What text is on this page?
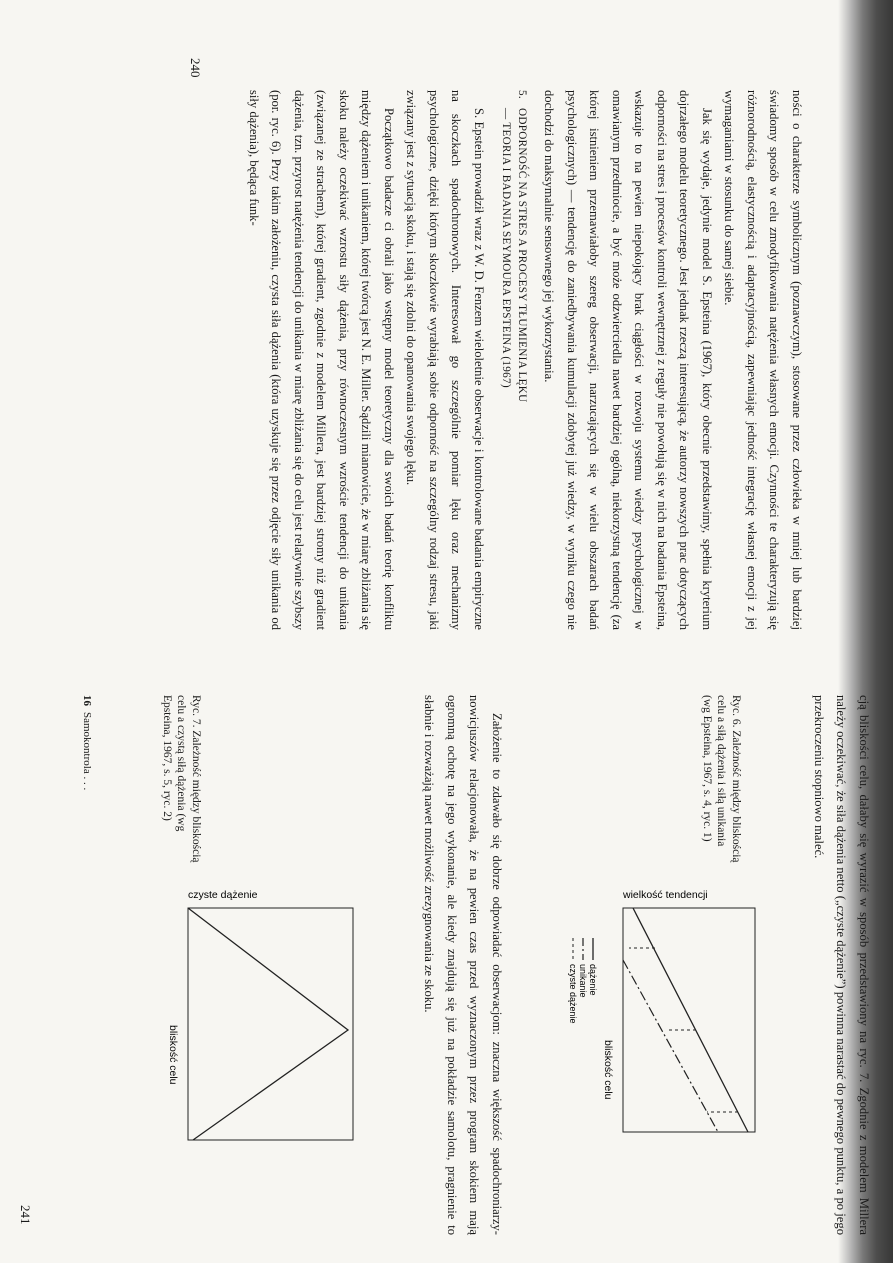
ności o charakterze symbolicznym (poznawczym), stosowane przez człowieka w mniej lub bardziej świadomy sposób w celu zmodyfikowania natężenia własnych emocji. Czynności te charakteryzują się różnorodnością, elastycznością i adaptacyjnością, zapewniając jedność integrację własnej emocji z jej wymaganiami w stosunku do samej siebie.

Jak się wydaje, jedynie model S. Epsteina (1967), który obecnie przedstawimy, spełnia kryterium dojrzałego modelu teoretycznego. Jest jednak rzeczą interesującą, że autorzy nowszych prac dotyczących odporności na stres i procesów kontroli wewnętrznej z reguły nie powołują się w nich na badania Epsteina, wskazuje to na pewien niepokojący brak ciągłości w rozwoju systemu wiedzy psychologicznej w omawianym przedmiocie, a być może odzwierciedla nawet bardziej ogólną, niekorzystną tendencję (za której istnieniem przemawiałoby szereg obserwacji, narzucających się w wielu obszarach badań psychologicznych) — tendencję do zaniedbywania kumulacji zdobytej już wiedzy, w wyniku czego nie dochodzi do maksymalnie sensownego jej wykorzystania.

5.ODPORNOŚĆ NA STRES A PROCESY TŁUMIENIA LĘKU
— TEORIA I BADANIA SEYMOURA EPSTEINA (1967)

S. Epstein prowadził wraz z W. D. Fenzem wieloletnie obserwacje i kontrolowane badania empiryczne na skoczkach spadochronowych. Interesował go szczególnie pomiar lęku oraz mechanizmy psychologiczne, dzięki którym skoczkowie wyrabiają sobie odporność na szczególny rodzaj stresu, jaki związany jest z sytuacją skoku, i stają się zdolni do opanowania swojego lęku.

Początkowo badacze ci obrali jako wstępny model teoretyczny dla swoich badań teorię konfliktu między dążeniem i unikaniem, której twórcą jest N. E. Miller. Sądzili mianowicie, że w miarę zbliżania się skoku należy oczekiwać wzrostu siły dążenia, przy równoczesnym wzroście tendencji do unikania (związanej ze strachem), której gradient, zgodnie z modelem Millera, jest bardziej stromy niż gradient dążenia, tzn. przyrost natężenia tendencji do unikania w miarę zbliżania się do celu jest relatywnie szybszy (por. ryc. 6). Przy takim założeniu, czysta siła dążenia (która uzyskuje się przez odjęcie siły unikania od siły dążenia), będąca funk-

240

cją bliskości celu, dałaby się wyrazić w sposób przedstawiony na ryc. 7. Zgodnie z modelem Millera należy oczekiwać, że siła dążenia netto („czyste dążenie”) powinna narastać do pewnego punktu, a po jego przekroczeniu stopniowo maleć.

Ryc. 6. Zależność między bliskością celu a siłą dążenia i siłą unikania (wg Epsteina, 1967, s. 4, ryc. 1)
wielkość tendencji
bliskość celu
dążenie
unikanie
czyste dążenie

Założenie to zdawało się dobrze odpowiadać obserwacjom: znaczna większość spadochroniarzy-nowicjuszów relacjonowała, że na pewien czas przed wyznaczonym przez program skokiem mają ogromną ochotę na jego wykonanie, ale kiedy znajdują się już na pokładzie samolotu, pragnienie to słabnie i rozważają nawet możliwość zrezygnowania ze skoku.

Ryc. 7. Zależność między bliskością celu a czystą siłą dążenia (wg Epsteina, 1967, s. 5, ryc. 2)
czyste dążenie
bliskość celu
16Samokontrola . . .
241
